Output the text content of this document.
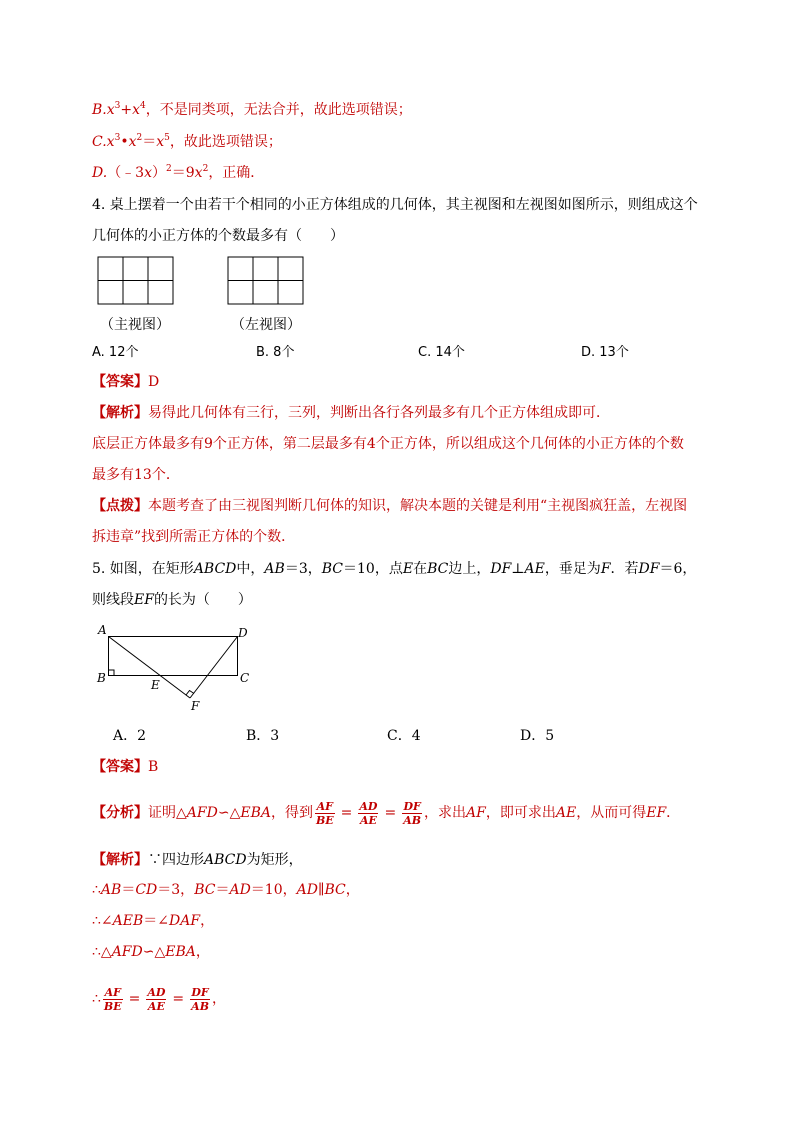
$B.x^3+x^4$，不是同类项，无法合并，故此选项错误；
$C.x^3•x^2=x^5$，故此选项错误；
$D.(﹣3x)^2=9x^2$，正确．
4. 桌上摆着一个由若干个相同的小正方体组成的几何体，其主视图和左视图如图所示，则组成这个
几何体的小正方体的个数最多有（　　）
（主视图）	（左视图）
A. 12个	B. 8个	C. 14个	D. 13个
【答案】D
【解析】易得此几何体有三行，三列，判断出各行各列最多有几个正方体组成即可．
底层正方体最多有9个正方体，第二层最多有4个正方体，所以组成这个几何体的小正方体的个数
最多有13个．
【点拨】本题考查了由三视图判断几何体的知识，解决本题的关键是利用“主视图疯狂盖，左视图
拆违章”找到所需正方体的个数．
5. 如图，在矩形ABCD中，AB＝3，BC＝10，点E在BC边上，DF⊥AE，垂足为F．若DF＝6，
则线段EF的长为（　　）
A	D
B	C
E
F
A．2	B．3	C．4	D．5
【答案】B
【分析】证明△AFD∽△EBA，得到 $\frac{AF}{BE} = \frac{AD}{AE} = \frac{DF}{AB}$ ，求出AF，即可求出AE，从而可得EF．
【解析】∵四边形ABCD为矩形，
∴AB＝CD＝3，BC＝AD＝10，AD∥BC，
∴∠AEB＝∠DAF，
∴△AFD∽△EBA，
∴ $\frac{AF}{BE} = \frac{AD}{AE} = \frac{DF}{AB}$ ，
